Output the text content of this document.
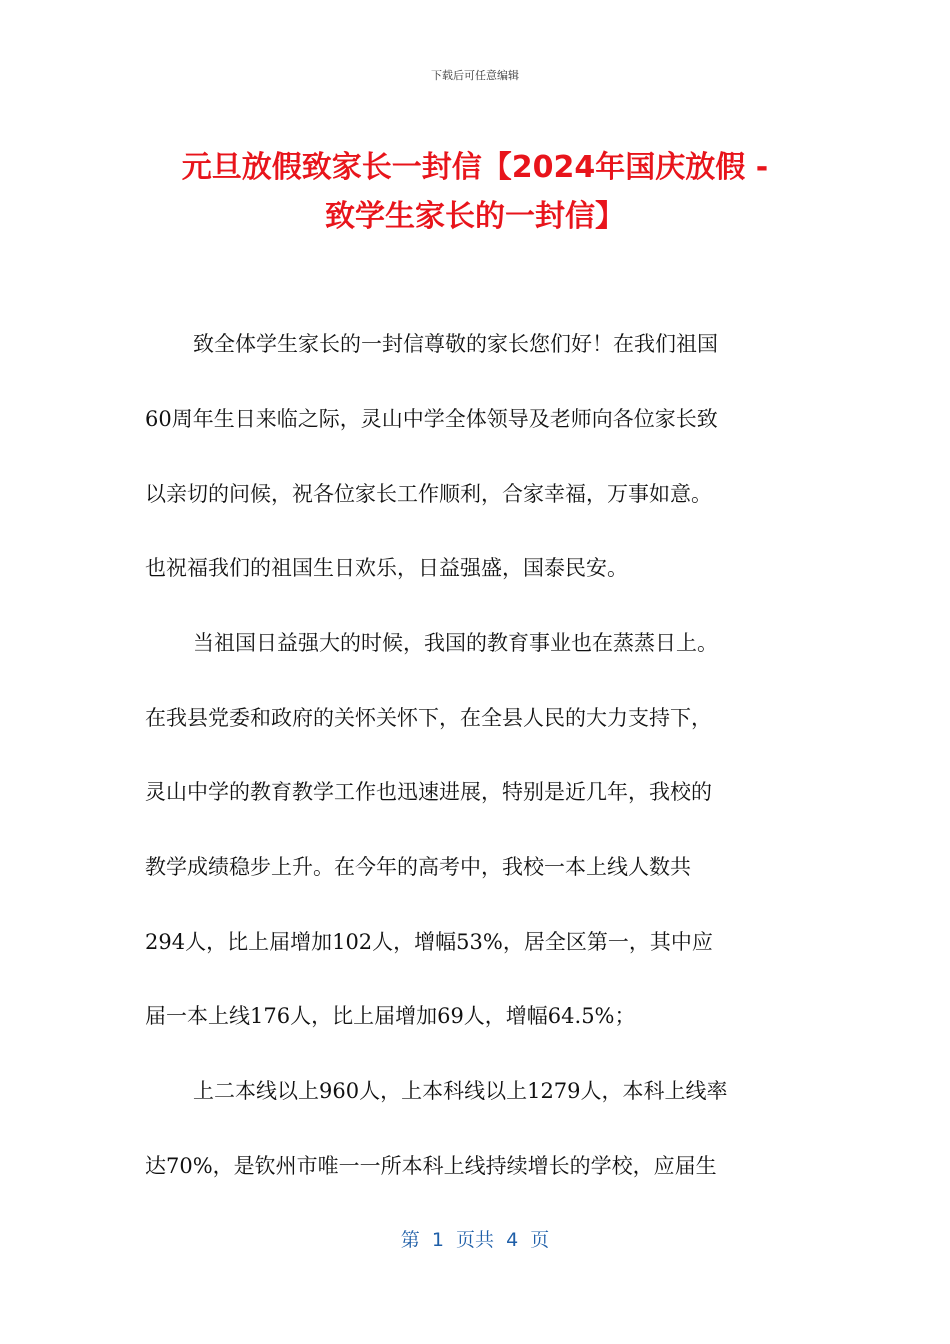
下载后可任意编辑
元旦放假致家长一封信【2024年国庆放假 -
致学生家长的一封信】
致全体学生家长的一封信尊敬的家长您们好！在我们祖国
60周年生日来临之际，灵山中学全体领导及老师向各位家长致
以亲切的问候，祝各位家长工作顺利，合家幸福，万事如意。
也祝福我们的祖国生日欢乐，日益强盛，国泰民安。
当祖国日益强大的时候，我国的教育事业也在蒸蒸日上。
在我县党委和政府的关怀关怀下，在全县人民的大力支持下，
灵山中学的教育教学工作也迅速进展，特别是近几年，我校的
教学成绩稳步上升。在今年的高考中，我校一本上线人数共
294人，比上届增加102人，增幅53%，居全区第一，其中应
届一本上线176人，比上届增加69人，增幅64.5%；
上二本线以上960人，上本科线以上1279人，本科上线率
达70%，是钦州市唯一一所本科上线持续增长的学校，应届生
第  1  页共  4  页
